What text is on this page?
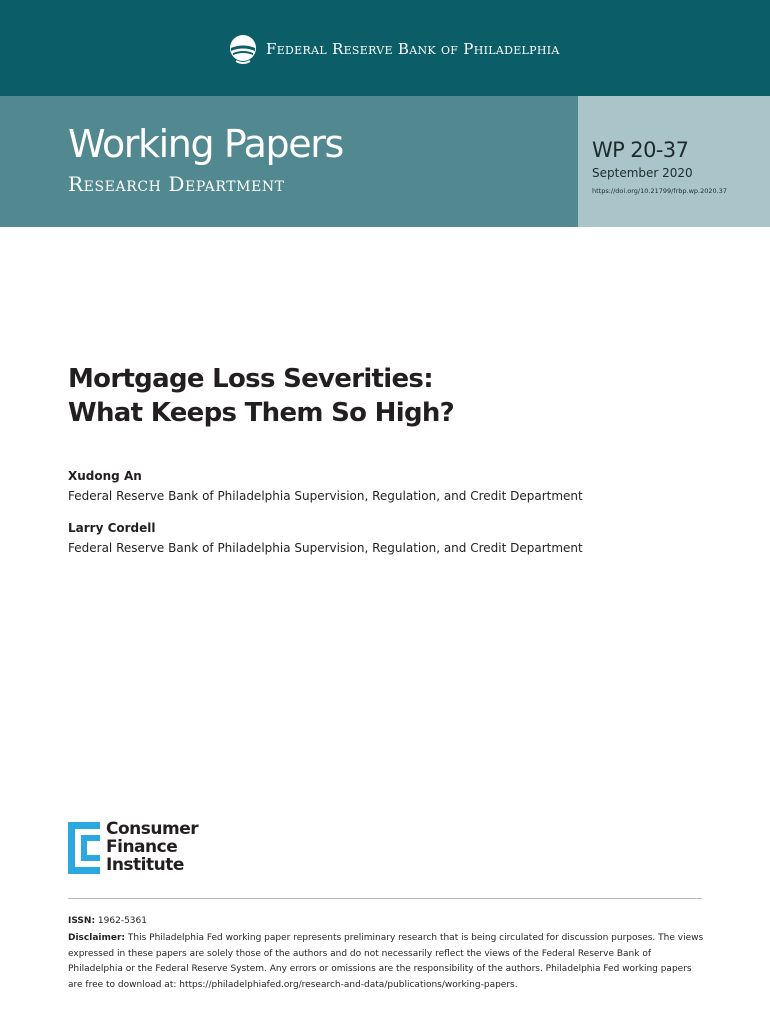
Federal Reserve Bank of Philadelphia
Working Papers
Research Department
WP 20-37
September 2020
https://doi.org/10.21799/frbp.wp.2020.37
Mortgage Loss Severities:
What Keeps Them So High?
Xudong An
Federal Reserve Bank of Philadelphia Supervision, Regulation, and Credit Department
Larry Cordell
Federal Reserve Bank of Philadelphia Supervision, Regulation, and Credit Department
Consumer
Finance
Institute
ISSN: 1962-5361
Disclaimer: This Philadelphia Fed working paper represents preliminary research that is being circulated for discussion purposes. The views expressed in these papers are solely those of the authors and do not necessarily reflect the views of the Federal Reserve Bank of Philadelphia or the Federal Reserve System. Any errors or omissions are the responsibility of the authors. Philadelphia Fed working papers are free to download at: https://philadelphiafed.org/research-and-data/publications/working-papers.
